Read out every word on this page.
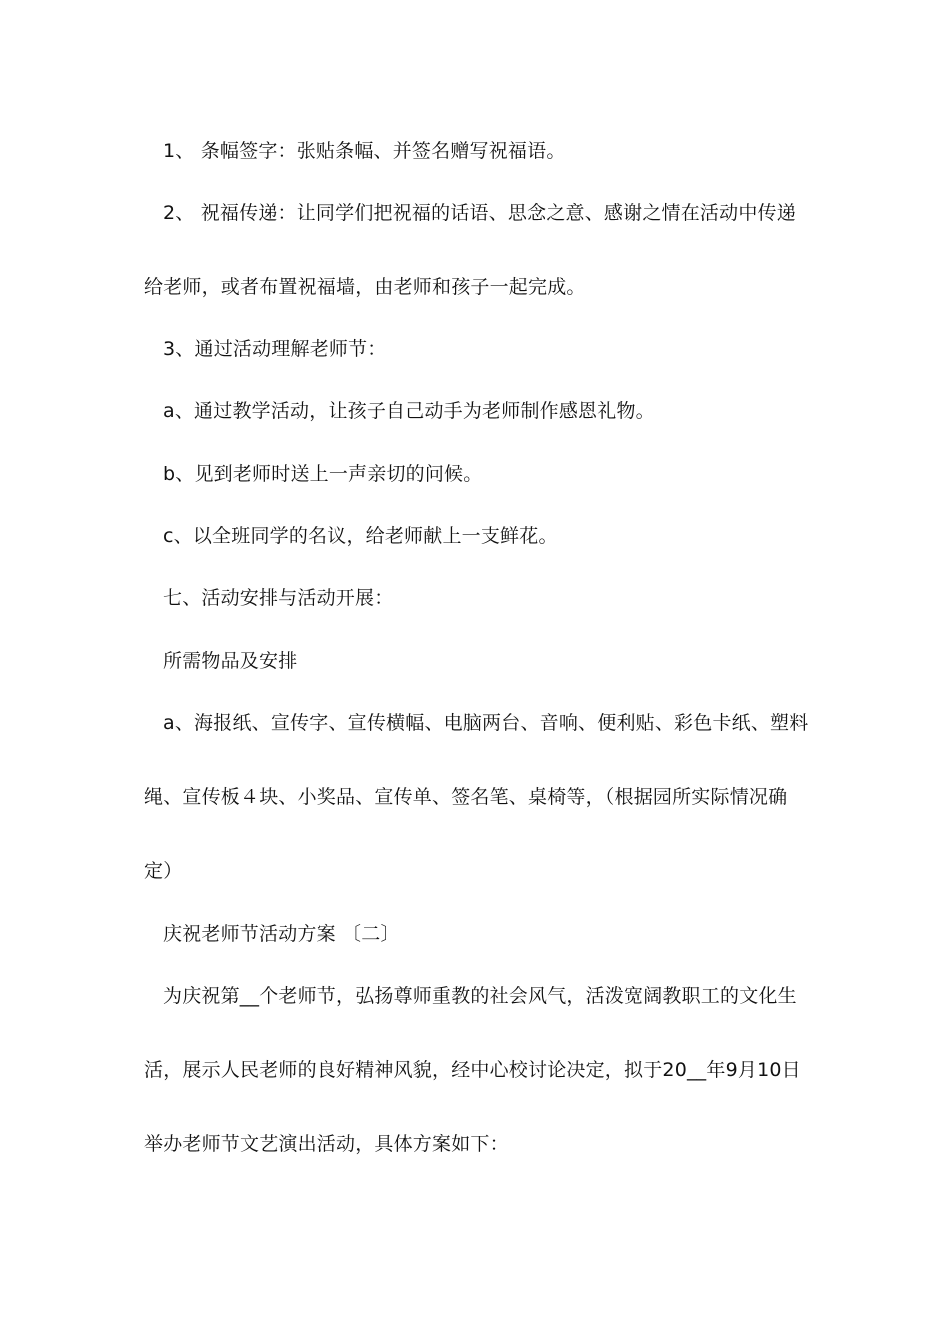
1、 条幅签字：张贴条幅、并签名赠写祝福语。
2、 祝福传递：让同学们把祝福的话语、思念之意、感谢之情在活动中传递
给老师，或者布置祝福墙，由老师和孩子一起完成。
3、通过活动理解老师节：
a、通过教学活动，让孩子自己动手为老师制作感恩礼物。
b、见到老师时送上一声亲切的问候。
c、以全班同学的名议，给老师献上一支鲜花。
七、活动安排与活动开展：
所需物品及安排
a、海报纸、宣传字、宣传横幅、电脑两台、音响、便利贴、彩色卡纸、塑料
绳、宣传板４块、小奖品、宣传单、签名笔、桌椅等，（根据园所实际情况确
定）
庆祝老师节活动方案 〔二〕
为庆祝第__个老师节，弘扬尊师重教的社会风气，活泼宽阔教职工的文化生
活，展示人民老师的良好精神风貌，经中心校讨论决定，拟于20__年9月10日
举办老师节文艺演出活动，具体方案如下：
